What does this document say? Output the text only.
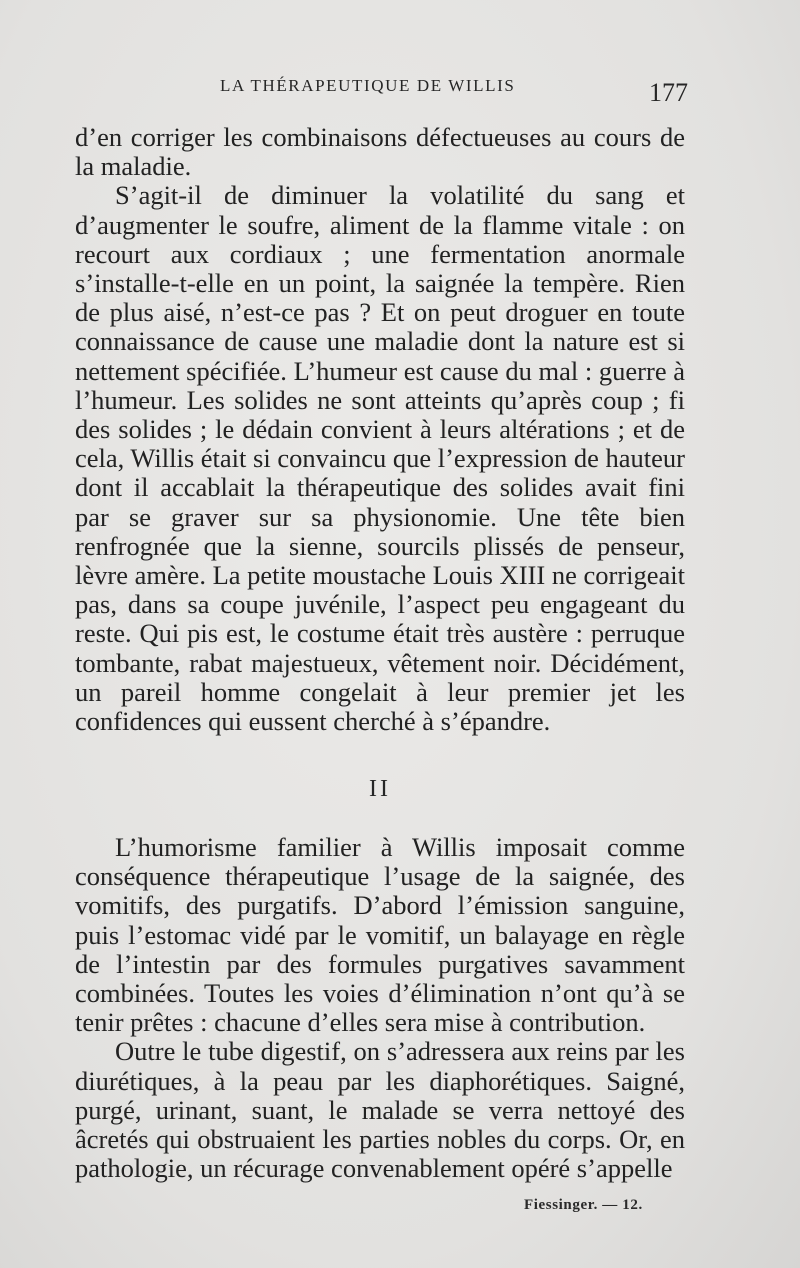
LA THÉRAPEUTIQUE DE WILLIS	177

d’en corriger les combinaisons défectueuses au cours de la maladie.

S’agit-il de diminuer la volatilité du sang et d’augmenter le soufre, aliment de la flamme vitale : on recourt aux cordiaux ; une fermentation anormale s’installe-t-elle en un point, la saignée la tempère. Rien de plus aisé, n’est-ce pas ? Et on peut droguer en toute connaissance de cause une maladie dont la nature est si nettement spécifiée. L’humeur est cause du mal : guerre à l’humeur. Les solides ne sont atteints qu’après coup ; fi des solides ; le dédain convient à leurs altérations ; et de cela, Willis était si convaincu que l’expression de hauteur dont il accablait la thérapeutique des solides avait fini par se graver sur sa physionomie. Une tête bien renfrognée que la sienne, sourcils plissés de penseur, lèvre amère. La petite moustache Louis XIII ne corrigeait pas, dans sa coupe juvénile, l’aspect peu engageant du reste. Qui pis est, le costume était très austère : perruque tombante, rabat majestueux, vêtement noir. Décidément, un pareil homme congelait à leur premier jet les confidences qui eussent cherché à s’épandre.

II

L’humorisme familier à Willis imposait comme conséquence thérapeutique l’usage de la saignée, des vomitifs, des purgatifs. D’abord l’émission sanguine, puis l’estomac vidé par le vomitif, un balayage en règle de l’intestin par des formules purgatives savamment combinées. Toutes les voies d’élimination n’ont qu’à se tenir prêtes : chacune d’elles sera mise à contribution.

Outre le tube digestif, on s’adressera aux reins par les diurétiques, à la peau par les diaphorétiques. Saigné, purgé, urinant, suant, le malade se verra nettoyé des âcretés qui obstruaient les parties nobles du corps. Or, en pathologie, un récurage convenablement opéré s’appelle

Fiessinger. — 12.
